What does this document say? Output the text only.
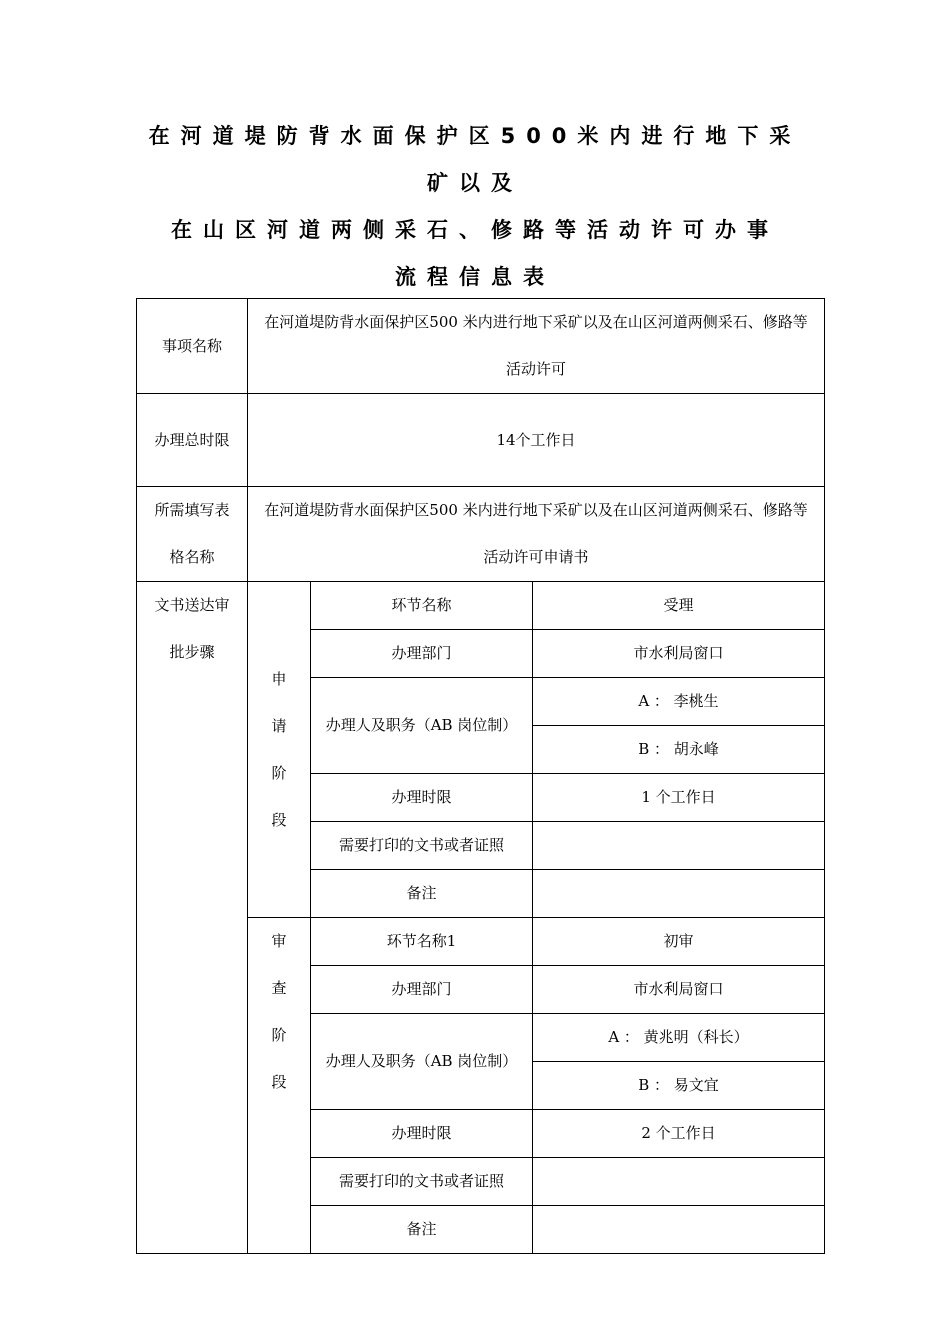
在河道堤防背水面保护区500米内进行地下采
矿以及
在山区河道两侧采石、修路等活动许可办事
流程信息表
事项名称	在河道堤防背水面保护区500 米内进行地下采矿以及在山区河道两侧采石、修路等活动许可		
办理总时限	14个工作日		
所需填写表格名称	在河道堤防背水面保护区500 米内进行地下采矿以及在山区河道两侧采石、修路等活动许可申请书		
文书送达审批步骤	申请阶段	环节名称	受理
		办理部门	市水利局窗口
		办理人及职务（AB 岗位制）	A ： 李桃生
			B ： 胡永峰
		办理时限	1 个工作日
		需要打印的文书或者证照	
		备注	
	审查阶段	环节名称1	初审
		办理部门	市水利局窗口
		办理人及职务（AB 岗位制）	A ： 黄兆明（科长）
			B ： 易文宜
		办理时限	2 个工作日
		需要打印的文书或者证照	
		备注	
